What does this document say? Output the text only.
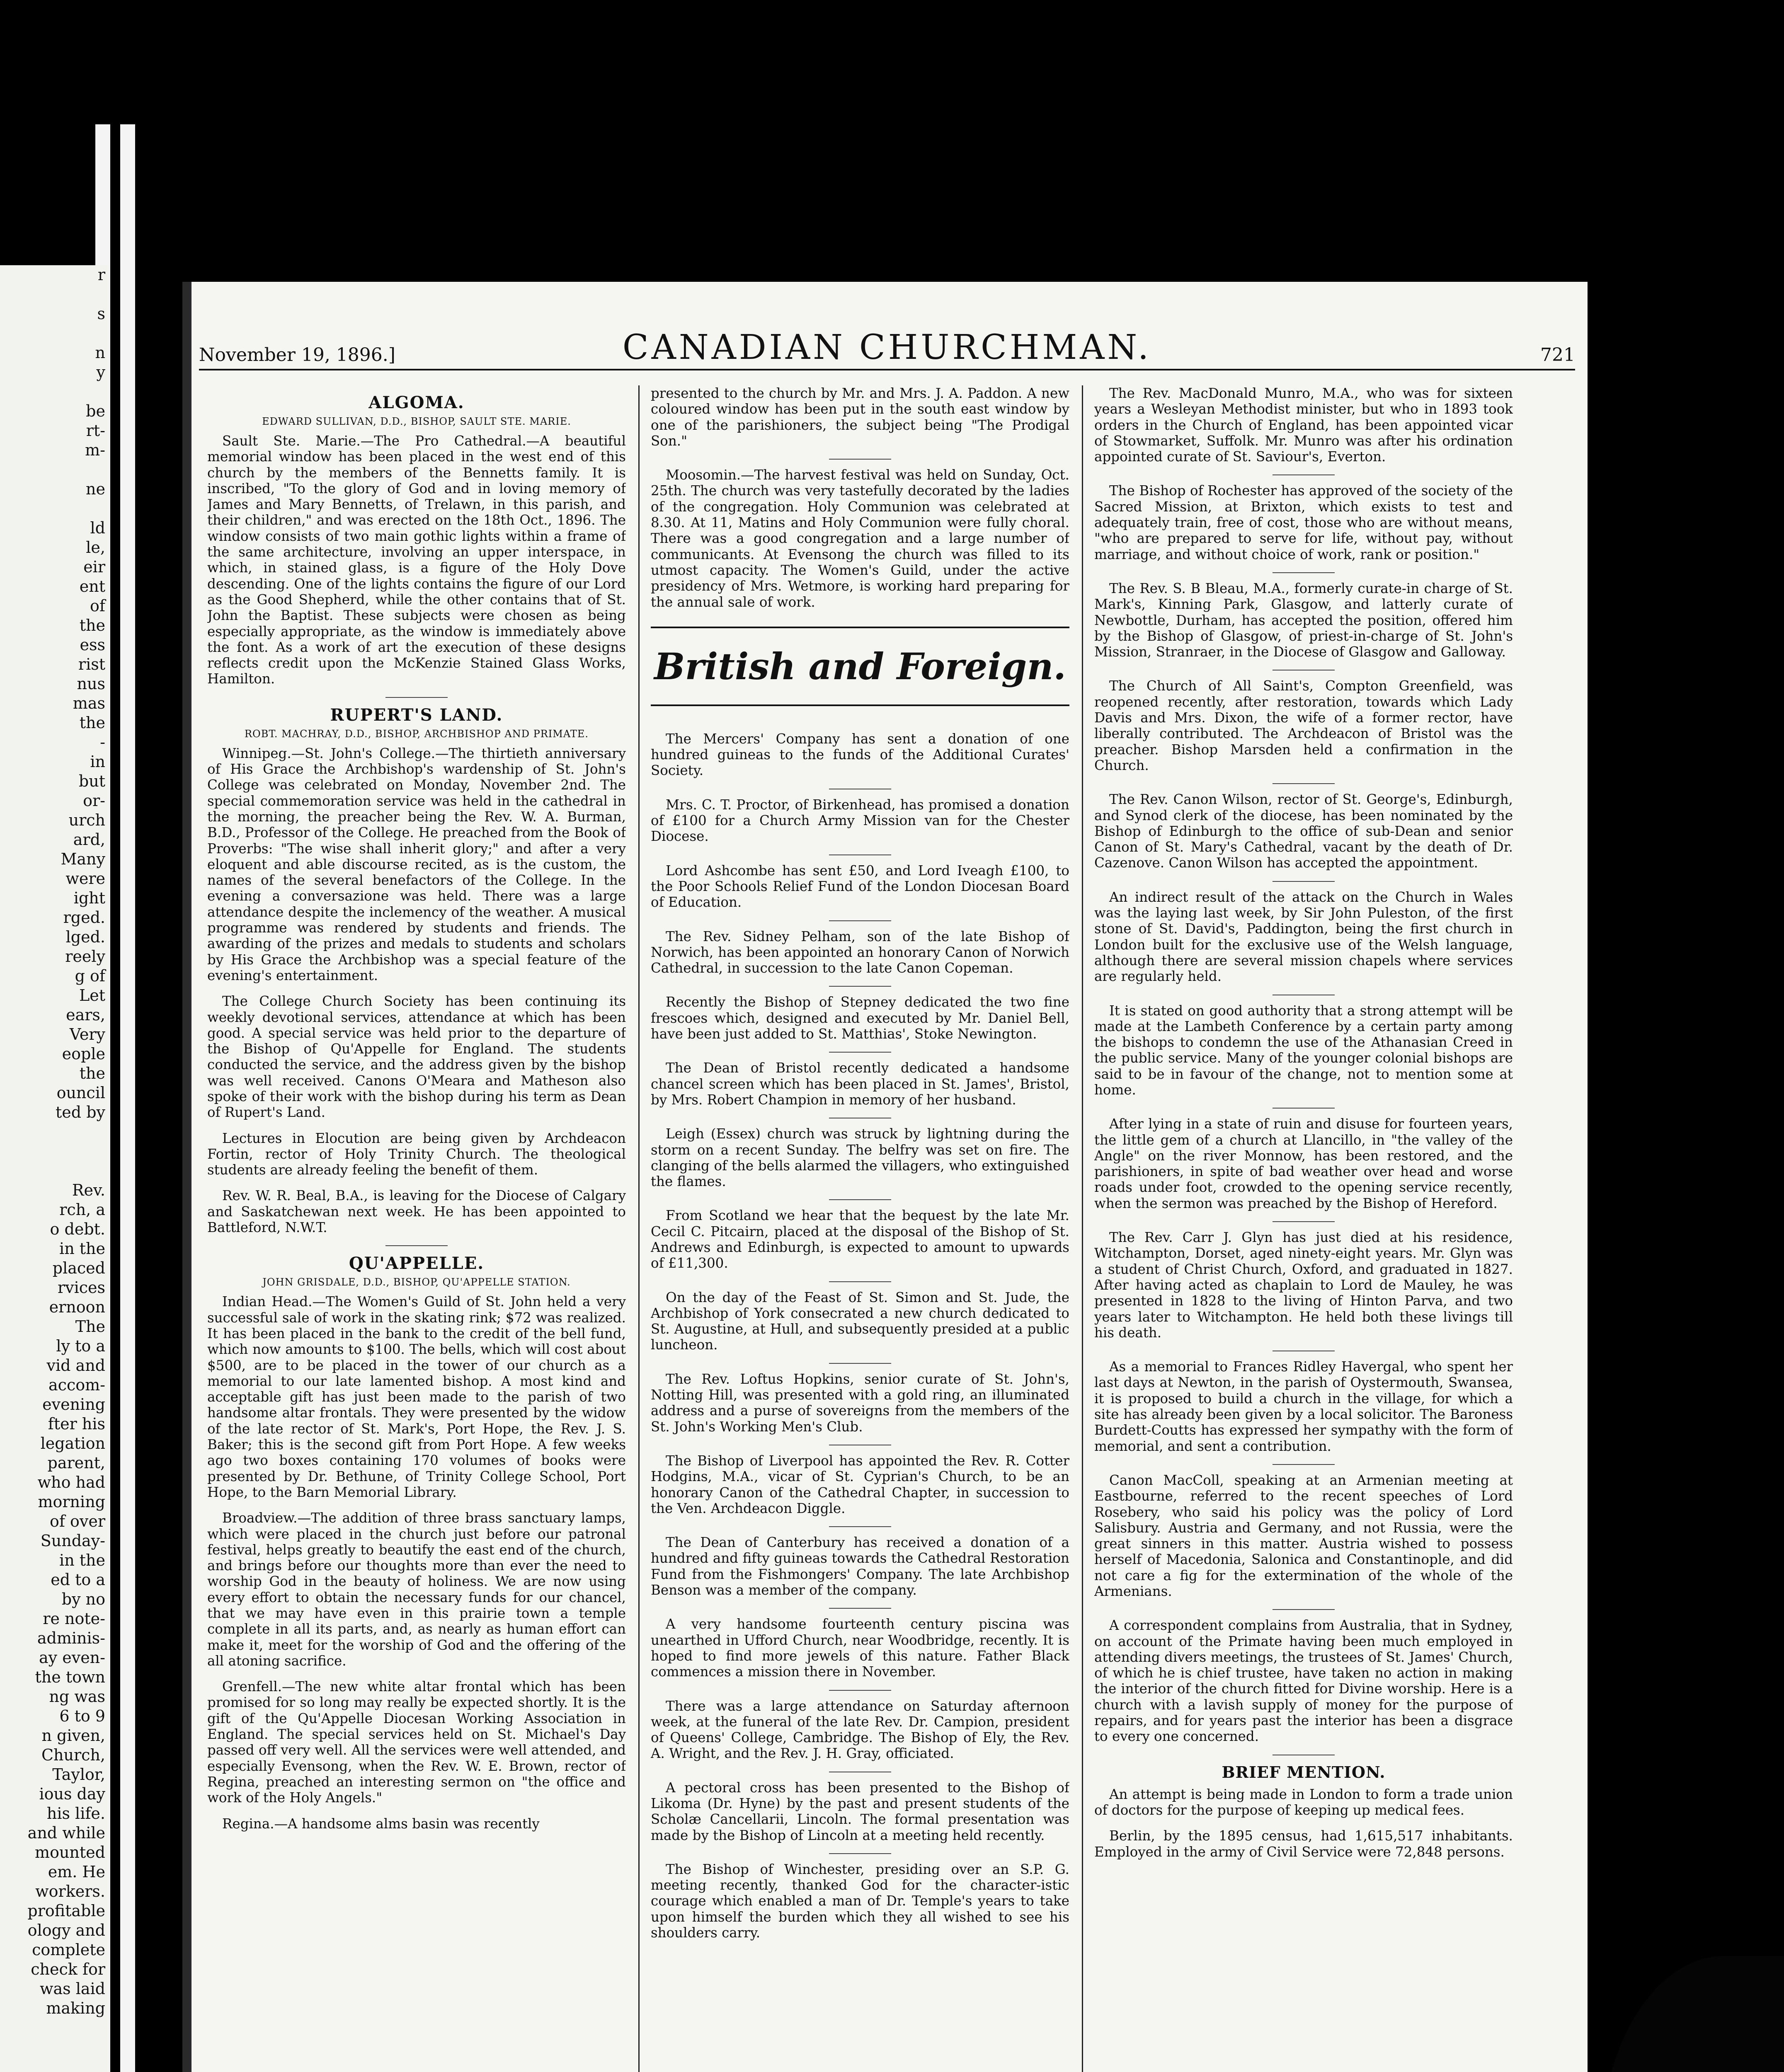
r

s

n
y

be
rt-
m-

ne

ld
le,
eir
ent
of
the
ess
rist
nus
mas
the
-
in
but
or-
urch
ard,
Many
were
ight
rged.
lged.
reely
g of
Let
ears,
Very
eople
the
ouncil
ted by

Rev.
rch, a
o debt.
in the
placed
rvices
ernoon
The
ly to a
vid and
accom-
evening
fter his
legation
parent,
who had
morning
of over
Sunday-
in the
ed to a
by no
re note-
adminis-
ay even-
the town
ng was
6 to 9
n given,
Church,
Taylor,
ious day
his life.
and while
mounted
em. He
workers.
profitable
ology and
complete
check for
was laid
making
November 19, 1896.]	CANADIAN CHURCHMAN.	721
ALGOMA.
EDWARD SULLIVAN, D.D., BISHOP, SAULT STE. MARIE.

Sault Ste. Marie.—The Pro Cathedral.—A beautiful memorial window has been placed in the west end of this church by the members of the Bennetts family. It is inscribed, "To the glory of God and in loving memory of James and Mary Bennetts, of Trelawn, in this parish, and their children," and was erected on the 18th Oct., 1896. The window consists of two main gothic lights within a frame of the same architecture, involving an upper interspace, in which, in stained glass, is a figure of the Holy Dove descending. One of the lights contains the figure of our Lord as the Good Shepherd, while the other contains that of St. John the Baptist. These subjects were chosen as being especially appropriate, as the window is immediately above the font. As a work of art the execution of these designs reflects credit upon the McKenzie Stained Glass Works, Hamilton.

RUPERT'S LAND.
ROBT. MACHRAY, D.D., BISHOP, ARCHBISHOP AND PRIMATE.

Winnipeg.—St. John's College.—The thirtieth anniversary of His Grace the Archbishop's wardenship of St. John's College was celebrated on Monday, November 2nd. The special commemoration service was held in the cathedral in the morning, the preacher being the Rev. W. A. Burman, B.D., Professor of the College. He preached from the Book of Proverbs: "The wise shall inherit glory;" and after a very eloquent and able discourse recited, as is the custom, the names of the several benefactors of the College. In the evening a conversazione was held. There was a large attendance despite the inclemency of the weather. A musical programme was rendered by students and friends. The awarding of the prizes and medals to students and scholars by His Grace the Archbishop was a special feature of the evening's entertainment.

The College Church Society has been continuing its weekly devotional services, attendance at which has been good. A special service was held prior to the departure of the Bishop of Qu'Appelle for England. The students conducted the service, and the address given by the bishop was well received. Canons O'Meara and Matheson also spoke of their work with the bishop during his term as Dean of Rupert's Land.

Lectures in Elocution are being given by Archdeacon Fortin, rector of Holy Trinity Church. The theological students are already feeling the benefit of them.

Rev. W. R. Beal, B.A., is leaving for the Diocese of Calgary and Saskatchewan next week. He has been appointed to Battleford, N.W.T.

QU'APPELLE.
JOHN GRISDALE, D.D., BISHOP, QU'APPELLE STATION.

Indian Head.—The Women's Guild of St. John held a very successful sale of work in the skating rink; $72 was realized. It has been placed in the bank to the credit of the bell fund, which now amounts to $100. The bells, which will cost about $500, are to be placed in the tower of our church as a memorial to our late lamented bishop. A most kind and acceptable gift has just been made to the parish of two handsome altar frontals. They were presented by the widow of the late rector of St. Mark's, Port Hope, the Rev. J. S. Baker; this is the second gift from Port Hope. A few weeks ago two boxes containing 170 volumes of books were presented by Dr. Bethune, of Trinity College School, Port Hope, to the Barn Memorial Library.

Broadview.—The addition of three brass sanctuary lamps, which were placed in the church just before our patronal festival, helps greatly to beautify the east end of the church, and brings before our thoughts more than ever the need to worship God in the beauty of holiness. We are now using every effort to obtain the necessary funds for our chancel, that we may have even in this prairie town a temple complete in all its parts, and, as nearly as human effort can make it, meet for the worship of God and the offering of the all atoning sacrifice.

Grenfell.—The new white altar frontal which has been promised for so long may really be expected shortly. It is the gift of the Qu'Appelle Diocesan Working Association in England. The special services held on St. Michael's Day passed off very well. All the services were well attended, and especially Evensong, when the Rev. W. E. Brown, rector of Regina, preached an interesting sermon on "the office and work of the Holy Angels."

Regina.—A handsome alms basin was recently

presented to the church by Mr. and Mrs. J. A. Paddon. A new coloured window has been put in the south east window by one of the parishioners, the subject being "The Prodigal Son."

Moosomin.—The harvest festival was held on Sunday, Oct. 25th. The church was very tastefully decorated by the ladies of the congregation. Holy Communion was celebrated at 8.30. At 11, Matins and Holy Communion were fully choral. There was a good congregation and a large number of communicants. At Evensong the church was filled to its utmost capacity. The Women's Guild, under the active presidency of Mrs. Wetmore, is working hard preparing for the annual sale of work.

British and Foreign.

The Mercers' Company has sent a donation of one hundred guineas to the funds of the Additional Curates' Society.

Mrs. C. T. Proctor, of Birkenhead, has promised a donation of £100 for a Church Army Mission van for the Chester Diocese.

Lord Ashcombe has sent £50, and Lord Iveagh £100, to the Poor Schools Relief Fund of the London Diocesan Board of Education.

The Rev. Sidney Pelham, son of the late Bishop of Norwich, has been appointed an honorary Canon of Norwich Cathedral, in succession to the late Canon Copeman.

Recently the Bishop of Stepney dedicated the two fine frescoes which, designed and executed by Mr. Daniel Bell, have been just added to St. Matthias', Stoke Newington.

The Dean of Bristol recently dedicated a handsome chancel screen which has been placed in St. James', Bristol, by Mrs. Robert Champion in memory of her husband.

Leigh (Essex) church was struck by lightning during the storm on a recent Sunday. The belfry was set on fire. The clanging of the bells alarmed the villagers, who extinguished the flames.

From Scotland we hear that the bequest by the late Mr. Cecil C. Pitcairn, placed at the disposal of the Bishop of St. Andrews and Edinburgh, is expected to amount to upwards of £11,300.

On the day of the Feast of St. Simon and St. Jude, the Archbishop of York consecrated a new church dedicated to St. Augustine, at Hull, and subsequently presided at a public luncheon.

The Rev. Loftus Hopkins, senior curate of St. John's, Notting Hill, was presented with a gold ring, an illuminated address and a purse of sovereigns from the members of the St. John's Working Men's Club.

The Bishop of Liverpool has appointed the Rev. R. Cotter Hodgins, M.A., vicar of St. Cyprian's Church, to be an honorary Canon of the Cathedral Chapter, in succession to the Ven. Archdeacon Diggle.

The Dean of Canterbury has received a donation of a hundred and fifty guineas towards the Cathedral Restoration Fund from the Fishmongers' Company. The late Archbishop Benson was a member of the company.

A very handsome fourteenth century piscina was unearthed in Ufford Church, near Woodbridge, recently. It is hoped to find more jewels of this nature. Father Black commences a mission there in November.

There was a large attendance on Saturday afternoon week, at the funeral of the late Rev. Dr. Campion, president of Queens' College, Cambridge. The Bishop of Ely, the Rev. A. Wright, and the Rev. J. H. Gray, officiated.

A pectoral cross has been presented to the Bishop of Likoma (Dr. Hyne) by the past and present students of the Scholæ Cancellarii, Lincoln. The formal presentation was made by the Bishop of Lincoln at a meeting held recently.

The Bishop of Winchester, presiding over an S.P. G. meeting recently, thanked God for the character-istic courage which enabled a man of Dr. Temple's years to take upon himself the burden which they all wished to see his shoulders carry.

The Rev. MacDonald Munro, M.A., who was for sixteen years a Wesleyan Methodist minister, but who in 1893 took orders in the Church of England, has been appointed vicar of Stowmarket, Suffolk. Mr. Munro was after his ordination appointed curate of St. Saviour's, Everton.

The Bishop of Rochester has approved of the society of the Sacred Mission, at Brixton, which exists to test and adequately train, free of cost, those who are without means, "who are prepared to serve for life, without pay, without marriage, and without choice of work, rank or position."

The Rev. S. B Bleau, M.A., formerly curate-in charge of St. Mark's, Kinning Park, Glasgow, and latterly curate of Newbottle, Durham, has accepted the position, offered him by the Bishop of Glasgow, of priest-in-charge of St. John's Mission, Stranraer, in the Diocese of Glasgow and Galloway.

The Church of All Saint's, Compton Greenfield, was reopened recently, after restoration, towards which Lady Davis and Mrs. Dixon, the wife of a former rector, have liberally contributed. The Archdeacon of Bristol was the preacher. Bishop Marsden held a confirmation in the Church.

The Rev. Canon Wilson, rector of St. George's, Edinburgh, and Synod clerk of the diocese, has been nominated by the Bishop of Edinburgh to the office of sub-Dean and senior Canon of St. Mary's Cathedral, vacant by the death of Dr. Cazenove. Canon Wilson has accepted the appointment.

An indirect result of the attack on the Church in Wales was the laying last week, by Sir John Puleston, of the first stone of St. David's, Paddington, being the first church in London built for the exclusive use of the Welsh language, although there are several mission chapels where services are regularly held.

It is stated on good authority that a strong attempt will be made at the Lambeth Conference by a certain party among the bishops to condemn the use of the Athanasian Creed in the public service. Many of the younger colonial bishops are said to be in favour of the change, not to mention some at home.

After lying in a state of ruin and disuse for fourteen years, the little gem of a church at Llancillo, in "the valley of the Angle" on the river Monnow, has been restored, and the parishioners, in spite of bad weather over head and worse roads under foot, crowded to the opening service recently, when the sermon was preached by the Bishop of Hereford.

The Rev. Carr J. Glyn has just died at his residence, Witchampton, Dorset, aged ninety-eight years. Mr. Glyn was a student of Christ Church, Oxford, and graduated in 1827. After having acted as chaplain to Lord de Mauley, he was presented in 1828 to the living of Hinton Parva, and two years later to Witchampton. He held both these livings till his death.

As a memorial to Frances Ridley Havergal, who spent her last days at Newton, in the parish of Oystermouth, Swansea, it is proposed to build a church in the village, for which a site has already been given by a local solicitor. The Baroness Burdett-Coutts has expressed her sympathy with the form of memorial, and sent a contribution.

Canon MacColl, speaking at an Armenian meeting at Eastbourne, referred to the recent speeches of Lord Rosebery, who said his policy was the policy of Lord Salisbury. Austria and Germany, and not Russia, were the great sinners in this matter. Austria wished to possess herself of Macedonia, Salonica and Constantinople, and did not care a fig for the extermination of the whole of the Armenians.

A correspondent complains from Australia, that in Sydney, on account of the Primate having been much employed in attending divers meetings, the trustees of St. James' Church, of which he is chief trustee, have taken no action in making the interior of the church fitted for Divine worship. Here is a church with a lavish supply of money for the purpose of repairs, and for years past the interior has been a disgrace to every one concerned.

BRIEF MENTION.

An attempt is being made in London to form a trade union of doctors for the purpose of keeping up medical fees.

Berlin, by the 1895 census, had 1,615,517 inhabitants. Employed in the army of Civil Service were 72,848 persons.
